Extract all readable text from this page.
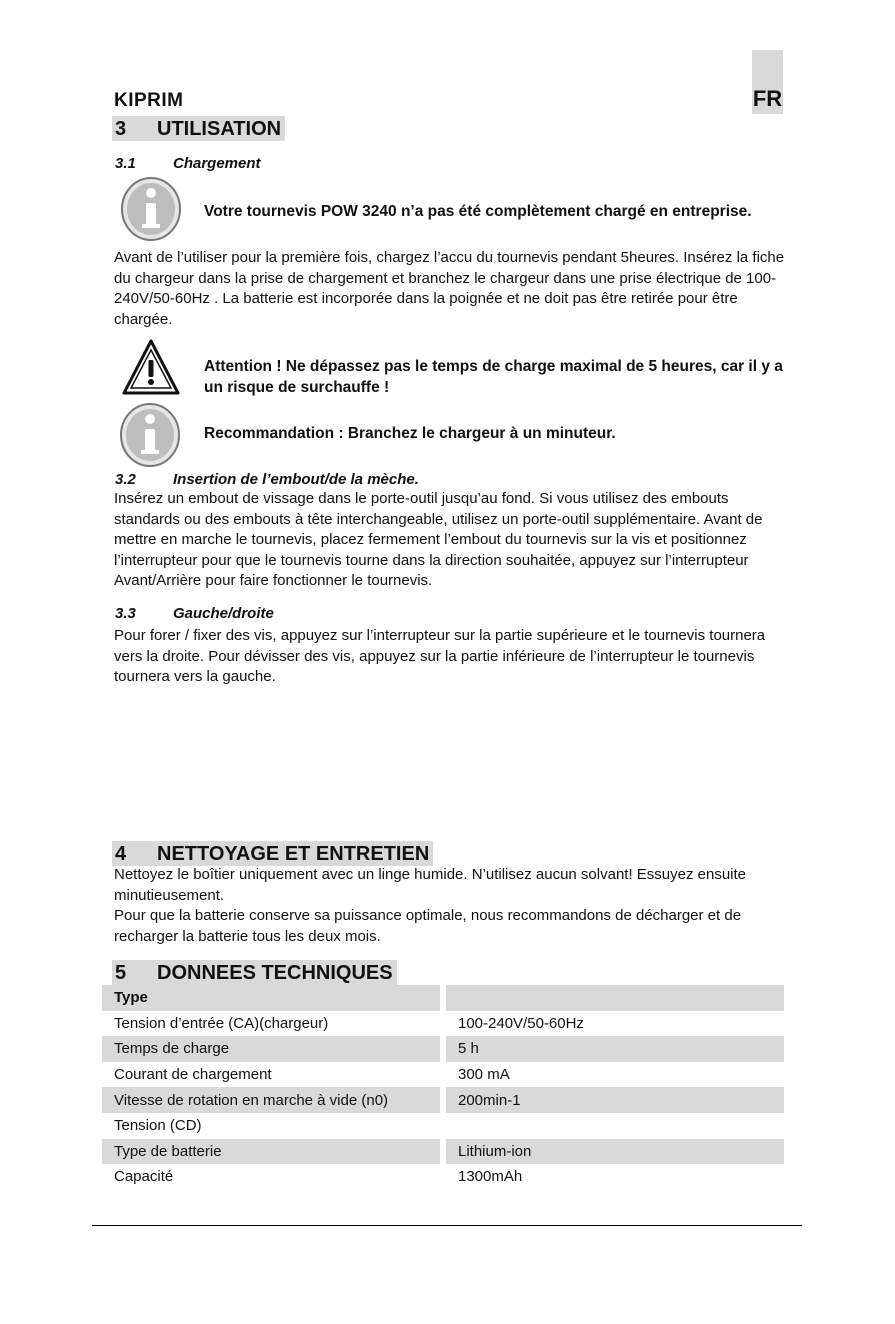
FR
KIPRIM
3 UTILISATION
3.1 Chargement
Votre tournevis POW 3240 n’a pas été complètement chargé en entreprise.

Avant de l’utiliser pour la première fois, chargez l’accu du tournevis pendant 5heures. Insérez la fiche du chargeur dans la prise de chargement et branchez le chargeur dans une prise électrique de 100-240V/50-60Hz . La batterie est incorporée dans la poignée et ne doit pas être retirée pour être chargée.

Attention ! Ne dépassez pas le temps de charge maximal de 5 heures, car il y a un risque de surchauffe !
Recommandation : Branchez le chargeur à un minuteur.
3.2 Insertion de l’embout/de la mèche.

Insérez un embout de vissage dans le porte-outil jusqu’au fond. Si vous utilisez des embouts standards ou des embouts à tête interchangeable, utilisez un porte-outil supplémentaire. Avant de mettre en marche le tournevis, placez fermement l’embout du tournevis sur la vis et positionnez l’interrupteur pour que le tournevis tourne dans la direction souhaitée, appuyez sur l’interrupteur Avant/Arrière pour faire fonctionner le tournevis.

3.3 Gauche/droite

Pour forer / fixer des vis, appuyez sur l’interrupteur sur la partie supérieure et le tournevis tournera vers la droite. Pour dévisser des vis, appuyez sur la partie inférieure de l’interrupteur le tournevis tournera vers la gauche.

4 NETTOYAGE ET ENTRETIEN

Nettoyez le boîtier uniquement avec un linge humide. N’utilisez aucun solvant! Essuyez ensuite minutieusement.

Pour que la batterie conserve sa puissance optimale, nous recommandons de décharger et de recharger la batterie tous les deux mois.

5 DONNEES TECHNIQUES
Type		
Tension d’entrée (CA)(chargeur)		100-240V/50-60Hz
Temps de charge		5 h
Courant de chargement		300 mA
Vitesse de rotation en marche à vide (n0)		200min-1
Tension (CD)		
Type de batterie		Lithium-ion
Capacité		1300mAh
